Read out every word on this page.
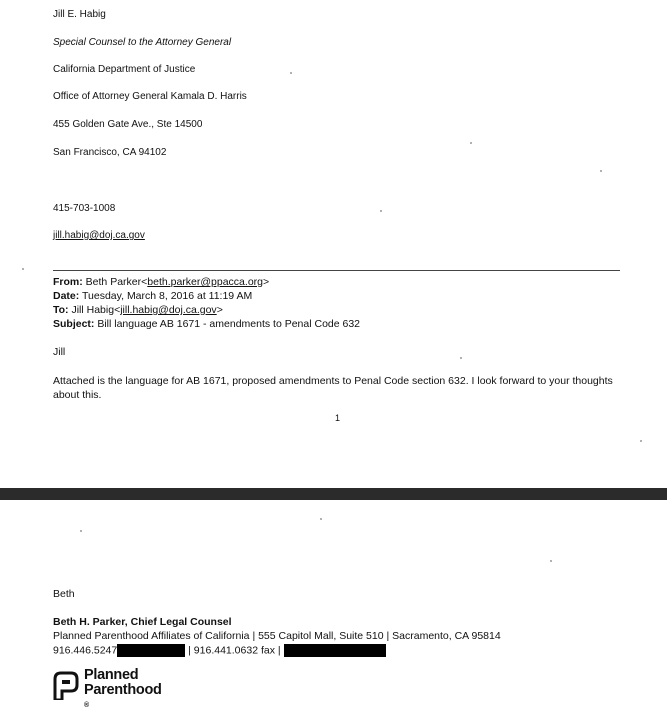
Jill E. Habig
Special Counsel to the Attorney General
California Department of Justice
Office of Attorney General Kamala D. Harris
455 Golden Gate Ave., Ste 14500
San Francisco, CA 94102
415-703-1008
jill.habig@doj.ca.gov
From: Beth Parker<beth.parker@ppacca.org>
Date: Tuesday, March 8, 2016 at 11:19 AM
To: Jill Habig<jill.habig@doj.ca.gov>
Subject: Bill language AB 1671 - amendments to Penal Code 632
Jill
Attached is the language for AB 1671, proposed amendments to Penal Code section 632. I look forward to your thoughts about this.
1
Beth
Beth H. Parker, Chief Legal Counsel
Planned Parenthood Affiliates of California | 555 Capitol Mall, Suite 510 | Sacramento, CA 95814
916.446.5247	| 916.441.0632 fax |
Planned
Parenthood
®
